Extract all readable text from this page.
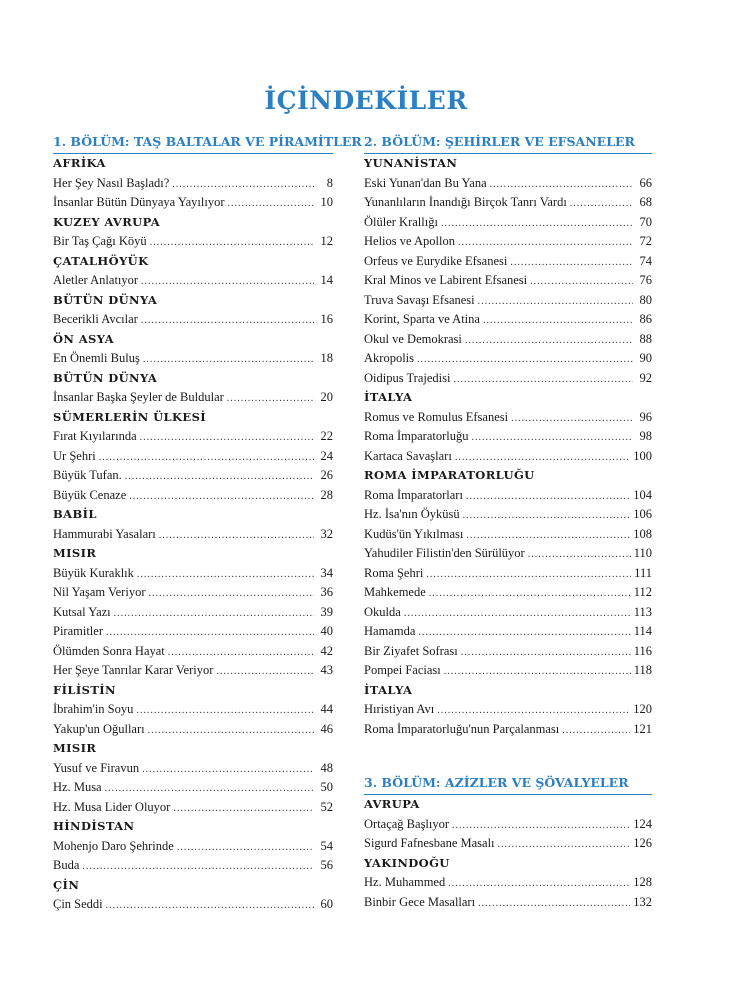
İÇİNDEKİLER
1. BÖLÜM: TAŞ BALTALAR VE PİRAMİTLER
AFRİKA
Her Şey Nasıl Başladı? .....	8
İnsanlar Bütün Dünyaya Yayılıyor .....	10
KUZEY AVRUPA
Bir Taş Çağı Köyü .....	12
ÇATALHÖYÜK
Aletler Anlatıyor .....	14
BÜTÜN DÜNYA
Becerikli Avcılar .....	16
ÖN ASYA
En Önemli Buluş .....	18
BÜTÜN DÜNYA
İnsanlar Başka Şeyler de Buldular .....	20
SÜMERLERİN ÜLKESİ
Fırat Kıyılarında .....	22
Ur Şehri .....	24
Büyük Tufan. .....	26
Büyük Cenaze .....	28
BABİL
Hammurabi Yasaları .....	32
MISIR
Büyük Kuraklık .....	34
Nil Yaşam Veriyor .....	36
Kutsal Yazı .....	39
Piramitler .....	40
Ölümden Sonra Hayat .....	42
Her Şeye Tanrılar Karar Veriyor .....	43
FİLİSTİN
İbrahim'in Soyu .....	44
Yakup'un Oğulları .....	46
MISIR
Yusuf ve Firavun .....	48
Hz. Musa .....	50
Hz. Musa Lider Oluyor .....	52
HİNDİSTAN
Mohenjo Daro Şehrinde .....	54
Buda .....	56
ÇİN
Çin Seddi .....	60
2. BÖLÜM: ŞEHİRLER VE EFSANELER
YUNANİSTAN
Eski Yunan'dan Bu Yana .....	66
Yunanlıların İnandığı Birçok Tanrı Vardı .....	68
Ölüler Krallığı .....	70
Helios ve Apollon .....	72
Orfeus ve Eurydike Efsanesi .....	74
Kral Minos ve Labirent Efsanesi .....	76
Truva Savaşı Efsanesi .....	80
Korint, Sparta ve Atina .....	86
Okul ve Demokrasi .....	88
Akropolis .....	90
Oidipus Trajedisi .....	92
İTALYA
Romus ve Romulus Efsanesi .....	96
Roma İmparatorluğu .....	98
Kartaca Savaşları .....	100
ROMA İMPARATORLUĞU
Roma İmparatorları .....	104
Hz. İsa'nın Öyküsü .....	106
Kudüs'ün Yıkılması .....	108
Yahudiler Filistin'den Sürülüyor .....	110
Roma Şehri .....	111
Mahkemede .....	112
Okulda .....	113
Hamamda .....	114
Bir Ziyafet Sofrası .....	116
Pompei Faciası .....	118
İTALYA
Hıristiyan Avı .....	120
Roma İmparatorluğu'nun Parçalanması .....	121
3. BÖLÜM: AZİZLER VE ŞÖVALYELER
AVRUPA
Ortaçağ Başlıyor .....	124
Sigurd Fafnesbane Masalı .....	126
YAKINDOĞU
Hz. Muhammed .....	128
Binbir Gece Masalları .....	132
